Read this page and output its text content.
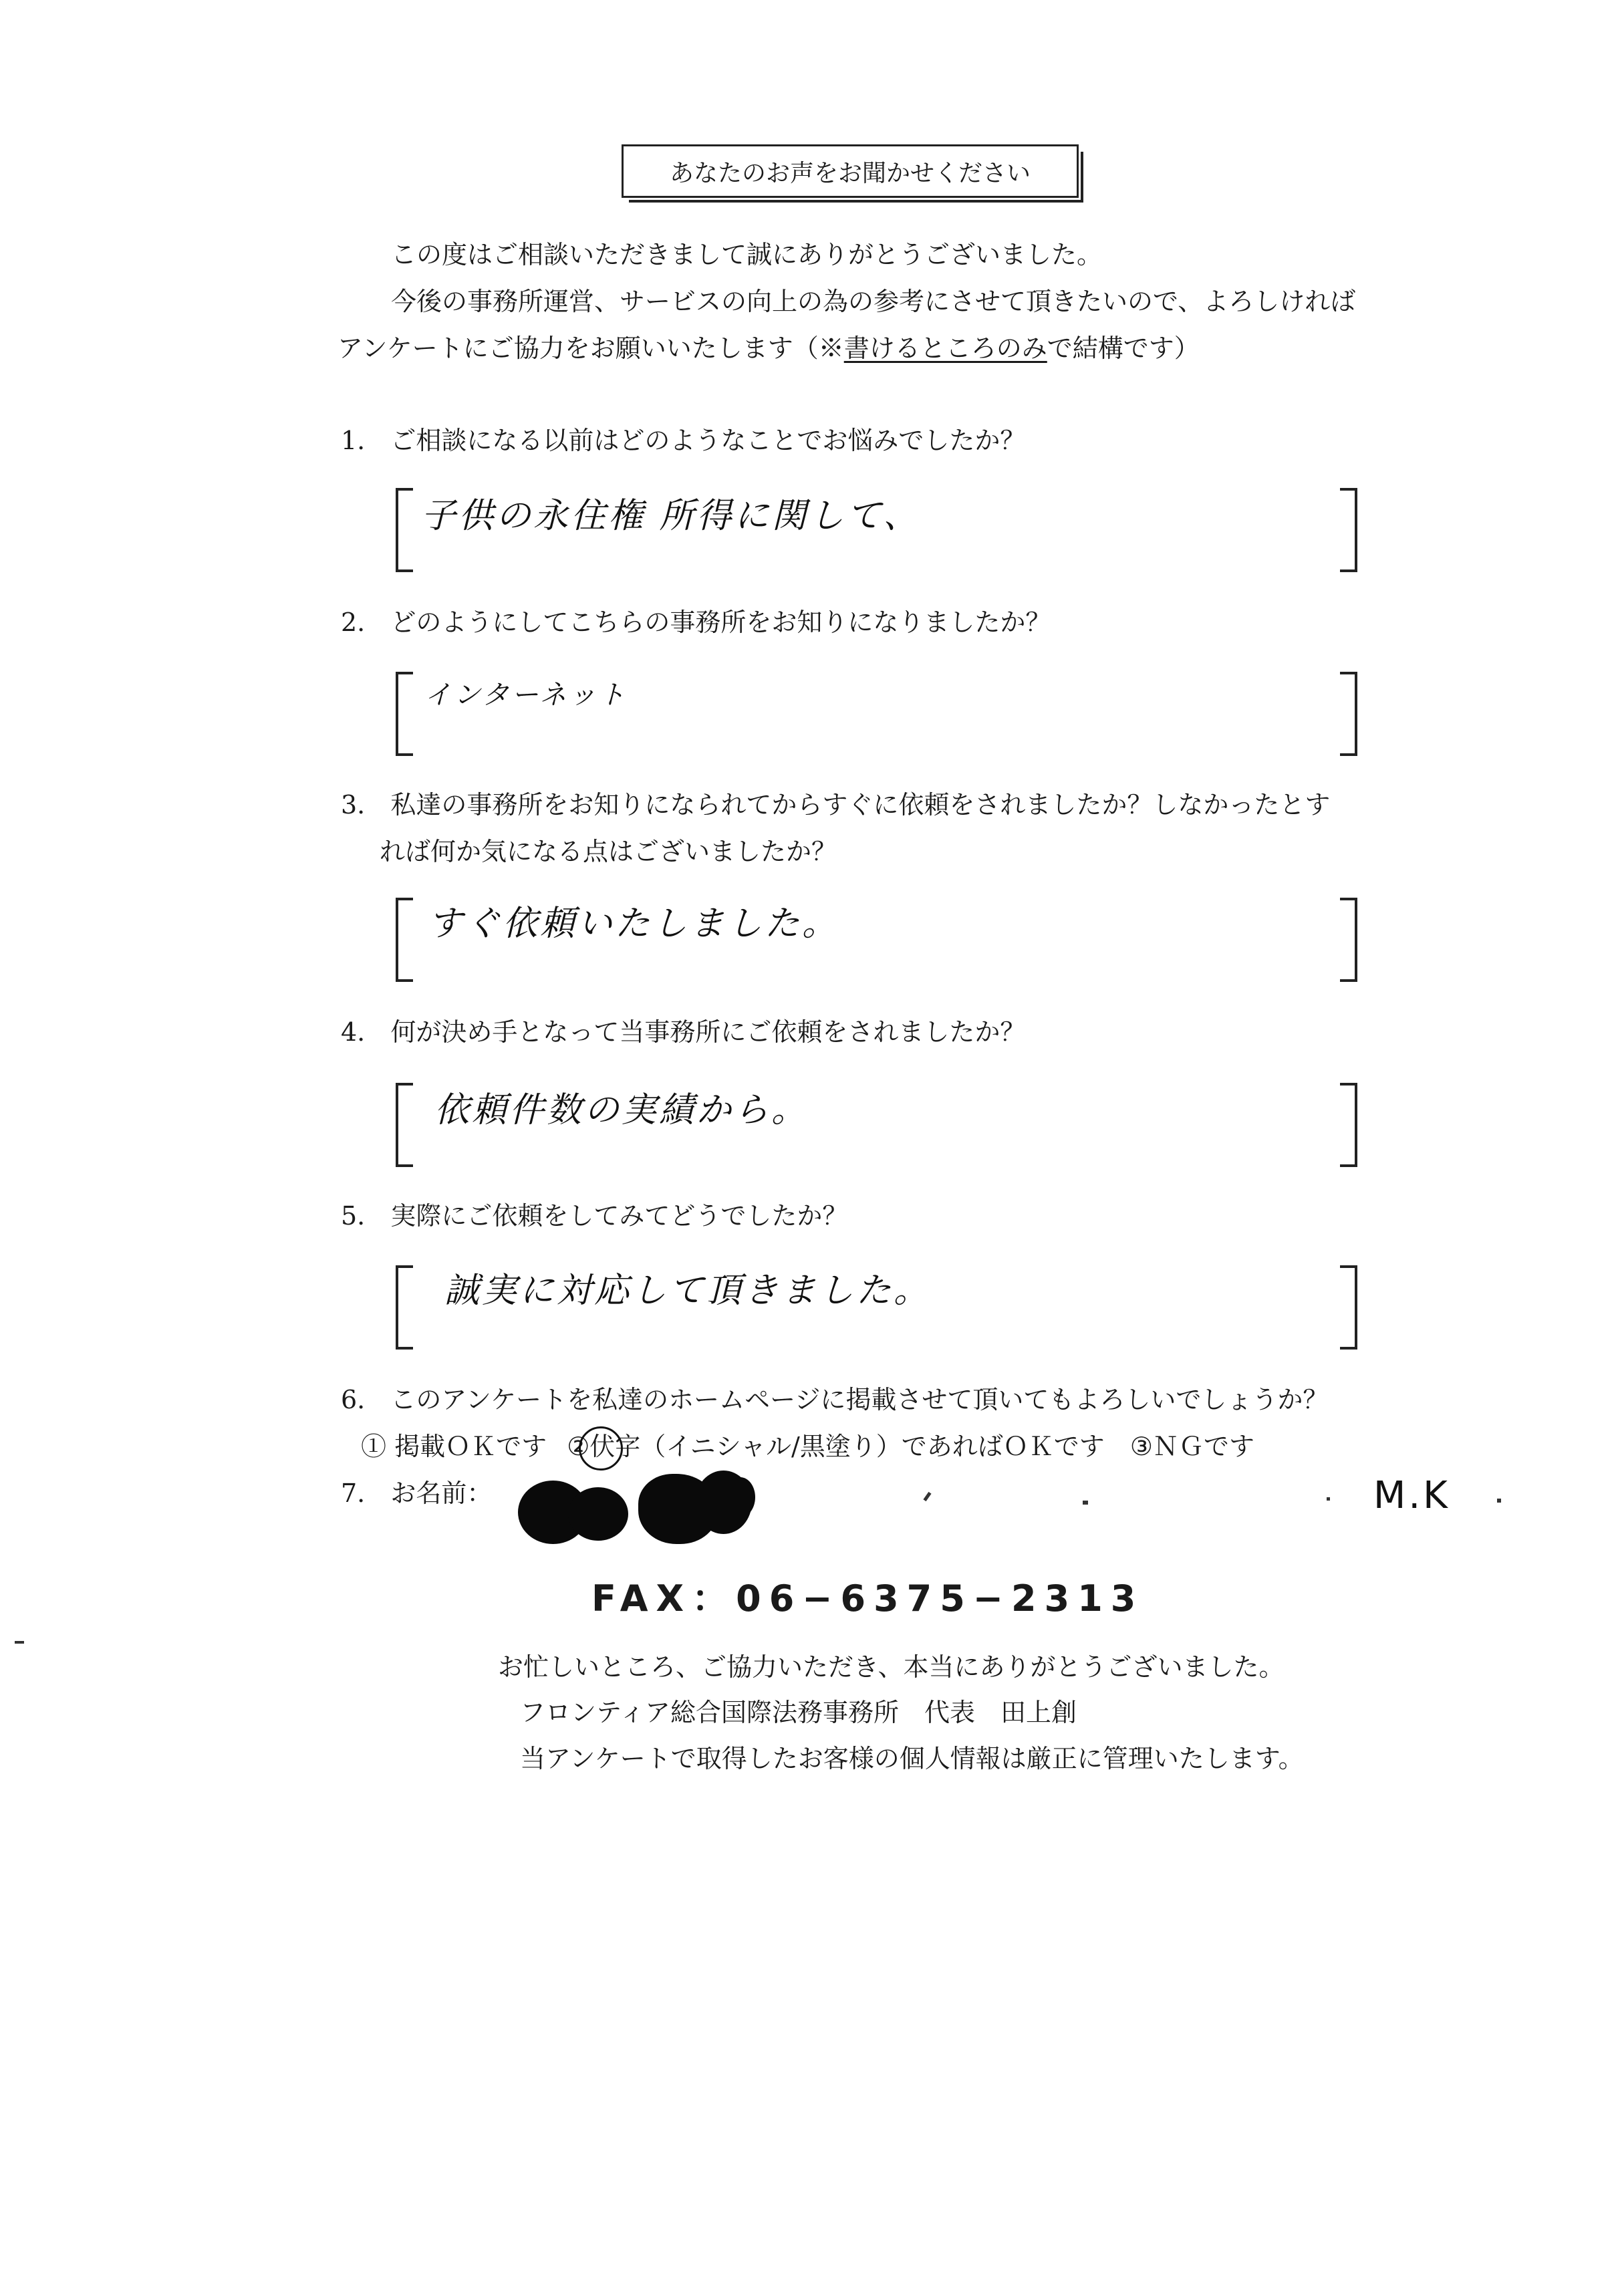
あなたのお声をお聞かせください
この度はご相談いただきまして誠にありがとうございました。
今後の事務所運営、サービスの向上の為の参考にさせて頂きたいので、よろしければ
アンケートにご協力をお願いいたします（※書けるところのみで結構です）
1. ご相談になる以前はどのようなことでお悩みでしたか？
子供の永住権 所得に関して、
2. どのようにしてこちらの事務所をお知りになりましたか？
インターネット
3. 私達の事務所をお知りになられてからすぐに依頼をされましたか？しなかったとす
れば何か気になる点はございましたか？
すぐ依頼いたしました。
4. 何が決め手となって当事務所にご依頼をされましたか？
依頼件数の実績から。
5. 実際にご依頼をしてみてどうでしたか？
誠実に対応して頂きました。
6. このアンケートを私達のホームページに掲載させて頂いてもよろしいでしょうか？
① 掲載ＯＫです ②伏字（イニシャル/黒塗り）であればＯＫです ③ＮＧです
7. お名前：	M.K
FAX：06−6375−2313
お忙しいところ、ご協力いただき、本当にありがとうございました。
フロンティア総合国際法務事務所　代表　田上創
当アンケートで取得したお客様の個人情報は厳正に管理いたします。
